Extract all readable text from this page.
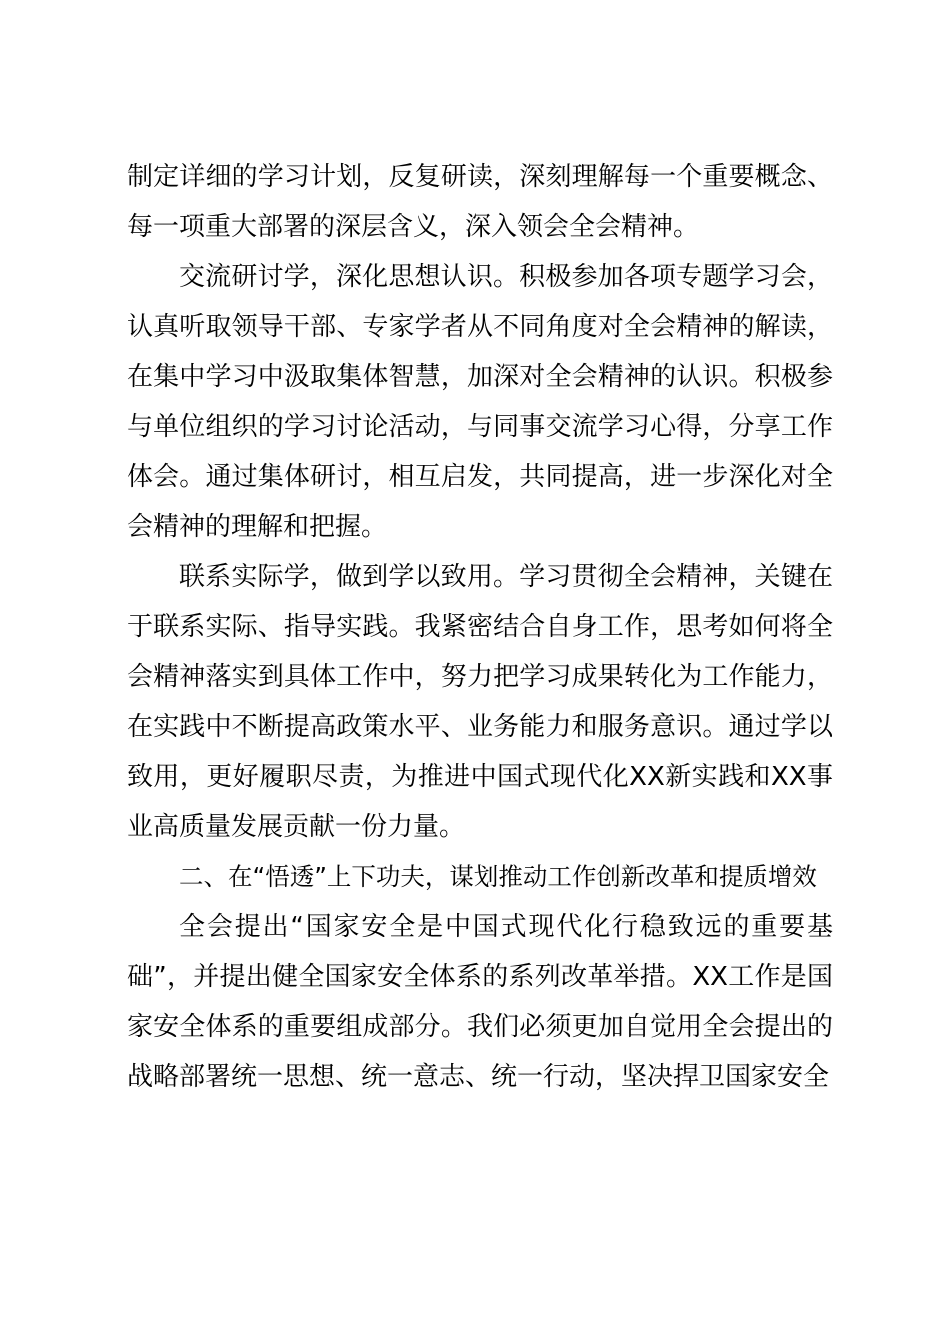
制定详细的学习计划，反复研读，深刻理解每一个重要概念、每一项重大部署的深层含义，深入领会全会精神。

交流研讨学，深化思想认识。积极参加各项专题学习会，认真听取领导干部、专家学者从不同角度对全会精神的解读，在集中学习中汲取集体智慧，加深对全会精神的认识。积极参与单位组织的学习讨论活动，与同事交流学习心得，分享工作体会。通过集体研讨，相互启发，共同提高，进一步深化对全会精神的理解和把握。

联系实际学，做到学以致用。学习贯彻全会精神，关键在于联系实际、指导实践。我紧密结合自身工作，思考如何将全会精神落实到具体工作中，努力把学习成果转化为工作能力，在实践中不断提高政策水平、业务能力和服务意识。通过学以致用，更好履职尽责，为推进中国式现代化XX新实践和XX事业高质量发展贡献一份力量。

二、在“悟透”上下功夫，谋划推动工作创新改革和提质增效

全会提出“国家安全是中国式现代化行稳致远的重要基础”，并提出健全国家安全体系的系列改革举措。XX工作是国家安全体系的重要组成部分。我们必须更加自觉用全会提出的战略部署统一思想、统一意志、统一行动，坚决捍卫国家安全
